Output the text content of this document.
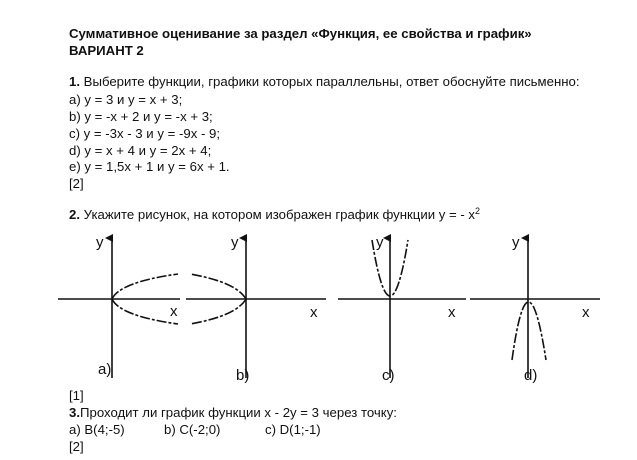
Суммативное оценивание за раздел «Функция, ее свойства и график»
ВАРИАНТ 2
1. Выберите функции, графики которых параллельны, ответ обоснуйте письменно:
a) y = 3 и y = x + 3;
b) y = -x + 2 и y = -x + 3;
c) y = -3x - 3 и y = -9x - 9;
d) y = x + 4 и y = 2x + 4;
e) y = 1,5x + 1 и y = 6x + 1.
[2]
2. Укажите рисунок, на котором изображен график функции y = - $x^2$
y
x
a)
y
x
b)
y
x
c)
y
x
d)
[1]
3.Проходит ли график функции x - 2y = 3 через точку:
a) B(4;-5)	b) C(-2;0)	c) D(1;-1)
[2]
